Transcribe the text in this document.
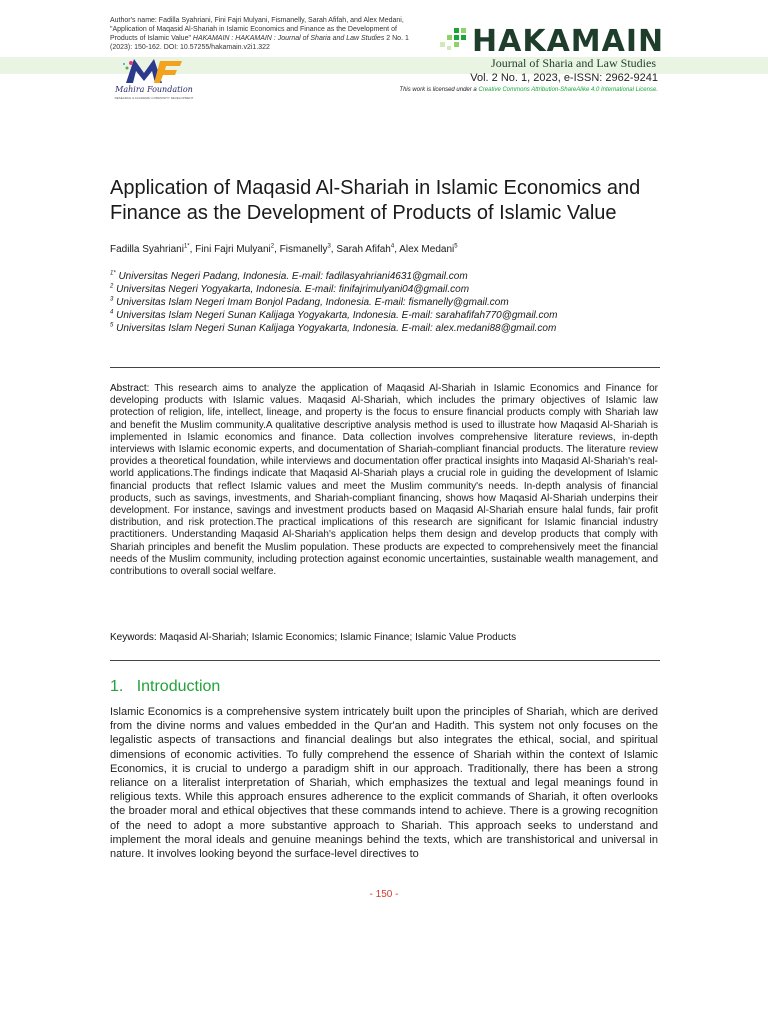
Author's name: Fadilla Syahriani, Fini Fajri Mulyani, Fismanelly, Sarah Afifah, and Alex Medani, "Application of Maqasid Al-Shariah in Islamic Economics and Finance as the Development of Products of Islamic Value" HAKAMAIN : HAKAMAIN : Journal of Sharia and Law Studies 2 No. 1 (2023): 150-162. DOI: 10.57255/hakamain.v2i1.322
Mahira Foundation
RESEARCH & ACADEMIC COMMUNITY DEVELOPMENT
HAKAMAIN
Journal of Sharia and Law Studies
Vol. 2 No. 1, 2023, e-ISSN: 2962-9241
This work is licensed under a Creative Commons Attribution-ShareAlike 4.0 International License.
Application of Maqasid Al-Shariah in Islamic Economics and Finance as the Development of Products of Islamic Value
Fadilla Syahriani$^{1*}$, Fini Fajri Mulyani$^2$, Fismanelly$^3$, Sarah Afifah$^4$, Alex Medani$^5$
$^{1*}$ Universitas Negeri Padang, Indonesia. E-mail: fadilasyahriani4631@gmail.com
$^2$ Universitas Negeri Yogyakarta, Indonesia. E-mail: finifajrimulyani04@gmail.com
$^3$ Universitas Islam Negeri Imam Bonjol Padang, Indonesia. E-mail: fismanelly@gmail.com
$^4$ Universitas Islam Negeri Sunan Kalijaga Yogyakarta, Indonesia. E-mail: sarahafifah770@gmail.com
$^5$ Universitas Islam Negeri Sunan Kalijaga Yogyakarta, Indonesia. E-mail: alex.medani88@gmail.com
Abstract: This research aims to analyze the application of Maqasid Al-Shariah in Islamic Economics and Finance for developing products with Islamic values. Maqasid Al-Shariah, which includes the primary objectives of Islamic law protection of religion, life, intellect, lineage, and property is the focus to ensure financial products comply with Shariah law and benefit the Muslim community.A qualitative descriptive analysis method is used to illustrate how Maqasid Al-Shariah is implemented in Islamic economics and finance. Data collection involves comprehensive literature reviews, in-depth interviews with Islamic economic experts, and documentation of Shariah-compliant financial products. The literature review provides a theoretical foundation, while interviews and documentation offer practical insights into Maqasid Al-Shariah's real-world applications.The findings indicate that Maqasid Al-Shariah plays a crucial role in guiding the development of Islamic financial products that reflect Islamic values and meet the Muslim community's needs. In-depth analysis of financial products, such as savings, investments, and Shariah-compliant financing, shows how Maqasid Al-Shariah underpins their development. For instance, savings and investment products based on Maqasid Al-Shariah ensure halal funds, fair profit distribution, and risk protection.The practical implications of this research are significant for Islamic financial industry practitioners. Understanding Maqasid Al-Shariah's application helps them design and develop products that comply with Shariah principles and benefit the Muslim population. These products are expected to comprehensively meet the financial needs of the Muslim community, including protection against economic uncertainties, sustainable wealth management, and contributions to overall social welfare.
Keywords: Maqasid Al-Shariah; Islamic Economics; Islamic Finance; Islamic Value Products
1. Introduction
Islamic Economics is a comprehensive system intricately built upon the principles of Shariah, which are derived from the divine norms and values embedded in the Qur'an and Hadith. This system not only focuses on the legalistic aspects of transactions and financial dealings but also integrates the ethical, social, and spiritual dimensions of economic activities. To fully comprehend the essence of Shariah within the context of Islamic Economics, it is crucial to undergo a paradigm shift in our approach. Traditionally, there has been a strong reliance on a literalist interpretation of Shariah, which emphasizes the textual and legal meanings found in religious texts. While this approach ensures adherence to the explicit commands of Shariah, it often overlooks the broader moral and ethical objectives that these commands intend to achieve. There is a growing recognition of the need to adopt a more substantive approach to Shariah. This approach seeks to understand and implement the moral ideals and genuine meanings behind the texts, which are transhistorical and universal in nature. It involves looking beyond the surface-level directives to
- 150 -
